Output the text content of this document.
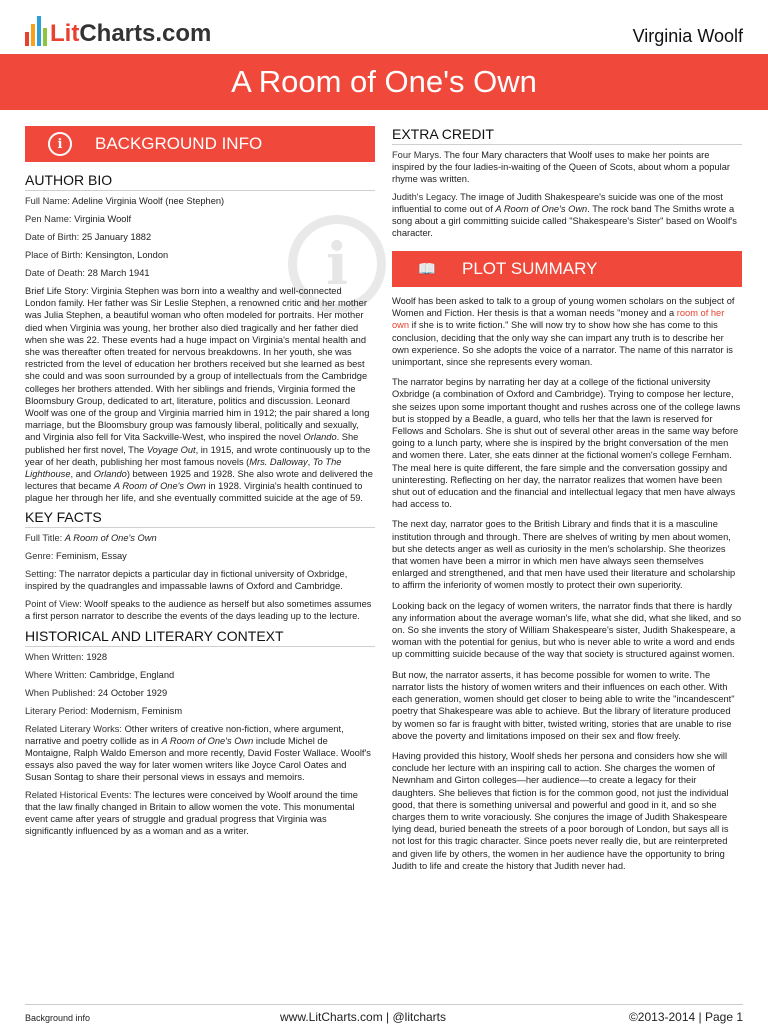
LitCharts.com	Virginia Woolf
A Room of One's Own
i
i	BACKGROUND INFO
AUTHOR BIO
Full Name: Adeline Virginia Woolf (nee Stephen)
Pen Name: Virginia Woolf
Date of Birth: 25 January 1882
Place of Birth: Kensington, London
Date of Death: 28 March 1941
Brief Life Story: Virginia Stephen was born into a wealthy and well-connected London family. Her father was Sir Leslie Stephen, a renowned critic and her mother was Julia Stephen, a beautiful woman who often modeled for portraits. Her mother died when Virginia was young, her brother also died tragically and her father died when she was 22. These events had a huge impact on Virginia's mental health and she was thereafter often treated for nervous breakdowns. In her youth, she was restricted from the level of education her brothers received but she learned as best she could and was soon surrounded by a group of intellectuals from the Cambridge colleges her brothers attended. With her siblings and friends, Virginia formed the Bloomsbury Group, dedicated to art, literature, politics and discussion. Leonard Woolf was one of the group and Virginia married him in 1912; the pair shared a long marriage, but the Bloomsbury group was famously liberal, politically and sexually, and Virginia also fell for Vita Sackville-West, who inspired the novel Orlando. She published her first novel, The Voyage Out, in 1915, and wrote continuously up to the year of her death, publishing her most famous novels (Mrs. Dalloway, To The Lighthouse, and Orlando) between 1925 and 1928. She also wrote and delivered the lectures that became A Room of One's Own in 1928. Virginia's health continued to plague her through her life, and she eventually committed suicide at the age of 59.
KEY FACTS
Full Title: A Room of One's Own
Genre: Feminism, Essay
Setting: The narrator depicts a particular day in fictional university of Oxbridge, inspired by the quadrangles and impassable lawns of Oxford and Cambridge.
Point of View: Woolf speaks to the audience as herself but also sometimes assumes a first person narrator to describe the events of the days leading up to the lecture.
HISTORICAL AND LITERARY CONTEXT
When Written: 1928
Where Written: Cambridge, England
When Published: 24 October 1929
Literary Period: Modernism, Feminism
Related Literary Works: Other writers of creative non-fiction, where argument, narrative and poetry collide as in A Room of One's Own include Michel de Montaigne, Ralph Waldo Emerson and more recently, David Foster Wallace. Woolf's essays also paved the way for later women writers like Joyce Carol Oates and Susan Sontag to share their personal views in essays and memoirs.
Related Historical Events: The lectures were conceived by Woolf around the time that the law finally changed in Britain to allow women the vote. This monumental event came after years of struggle and gradual progress that Virginia was significantly influenced by as a woman and as a writer.
EXTRA CREDIT
Four Marys. The four Mary characters that Woolf uses to make her points are inspired by the four ladies-in-waiting of the Queen of Scots, about whom a popular rhyme was written.
Judith's Legacy. The image of Judith Shakespeare's suicide was one of the most influential to come out of A Room of One's Own. The rock band The Smiths wrote a song about a girl committing suicide called "Shakespeare's Sister" based on Woolf's character.
📖 PLOT SUMMARY
Woolf has been asked to talk to a group of young women scholars on the subject of Women and Fiction. Her thesis is that a woman needs "money and a room of her own if she is to write fiction." She will now try to show how she has come to this conclusion, deciding that the only way she can impart any truth is to describe her own experience. So she adopts the voice of a narrator. The name of this narrator is unimportant, since she represents every woman.
The narrator begins by narrating her day at a college of the fictional university Oxbridge (a combination of Oxford and Cambridge). Trying to compose her lecture, she seizes upon some important thought and rushes across one of the college lawns but is stopped by a Beadle, a guard, who tells her that the lawn is reserved for Fellows and Scholars. She is shut out of several other areas in the same way before going to a lunch party, where she is inspired by the bright conversation of the men and women there. Later, she eats dinner at the fictional women's college Fernham. The meal here is quite different, the fare simple and the conversation gossipy and uninteresting. Reflecting on her day, the narrator realizes that women have been shut out of education and the financial and intellectual legacy that men have always had access to.
The next day, narrator goes to the British Library and finds that it is a masculine institution through and through. There are shelves of writing by men about women, but she detects anger as well as curiosity in the men's scholarship. She theorizes that women have been a mirror in which men have always seen themselves enlarged and strengthened, and that men have used their literature and scholarship to affirm the inferiority of women mostly to protect their own superiority.
Looking back on the legacy of women writers, the narrator finds that there is hardly any information about the average woman's life, what she did, what she liked, and so on. So she invents the story of William Shakespeare's sister, Judith Shakespeare, a woman with the potential for genius, but who is never able to write a word and ends up committing suicide because of the way that society is structured against women.
But now, the narrator asserts, it has become possible for women to write. The narrator lists the history of women writers and their influences on each other. With each generation, women should get closer to being able to write the "incandescent" poetry that Shakespeare was able to achieve. But the library of literature produced by women so far is fraught with bitter, twisted writing, stories that are unable to rise above the poverty and limitations imposed on their sex and flow freely.
Having provided this history, Woolf sheds her persona and considers how she will conclude her lecture with an inspiring call to action. She charges the women of Newnham and Girton colleges—her audience—to create a legacy for their daughters. She believes that fiction is for the common good, not just the individual good, that there is something universal and powerful and good in it, and so she charges them to write voraciously. She conjures the image of Judith Shakespeare lying dead, buried beneath the streets of a poor borough of London, but says all is not lost for this tragic character. Since poets never really die, but are reinterpreted and given life by others, the women in her audience have the opportunity to bring Judith to life and create the history that Judith never had.
Background info	www.LitCharts.com | @litcharts	©2013-2014 | Page 1
